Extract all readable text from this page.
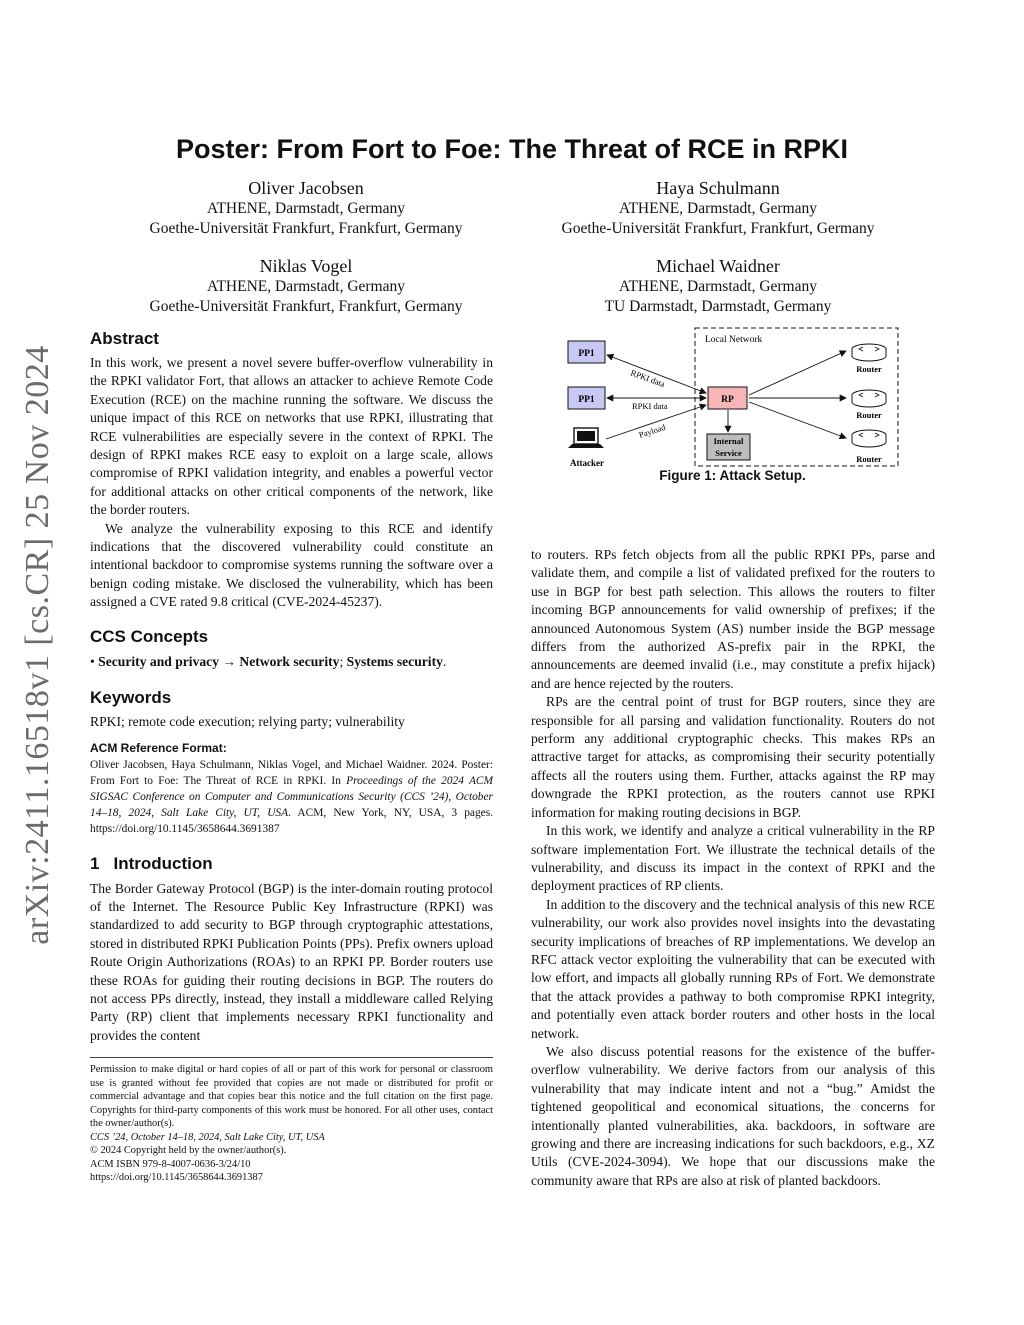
arXiv:2411.16518v1 [cs.CR] 25 Nov 2024
Poster: From Fort to Foe: The Threat of RCE in RPKI
Oliver Jacobsen
ATHENE, Darmstadt, Germany
Goethe-Universität Frankfurt, Frankfurt, Germany
Haya Schulmann
ATHENE, Darmstadt, Germany
Goethe-Universität Frankfurt, Frankfurt, Germany
Niklas Vogel
ATHENE, Darmstadt, Germany
Goethe-Universität Frankfurt, Frankfurt, Germany
Michael Waidner
ATHENE, Darmstadt, Germany
TU Darmstadt, Darmstadt, Germany
Abstract

In this work, we present a novel severe buffer-overflow vulnerability in the RPKI validator Fort, that allows an attacker to achieve Remote Code Execution (RCE) on the machine running the software. We discuss the unique impact of this RCE on networks that use RPKI, illustrating that RCE vulnerabilities are especially severe in the context of RPKI. The design of RPKI makes RCE easy to exploit on a large scale, allows compromise of RPKI validation integrity, and enables a powerful vector for additional attacks on other critical components of the network, like the border routers.

We analyze the vulnerability exposing to this RCE and identify indications that the discovered vulnerability could constitute an intentional backdoor to compromise systems running the software over a benign coding mistake. We disclosed the vulnerability, which has been assigned a CVE rated 9.8 critical (CVE-2024-45237).

CCS Concepts
• Security and privacy → Network security; Systems security.
Keywords
RPKI; remote code execution; relying party; vulnerability
ACM Reference Format:
Oliver Jacobsen, Haya Schulmann, Niklas Vogel, and Michael Waidner. 2024. Poster: From Fort to Foe: The Threat of RCE in RPKI. In Proceedings of the 2024 ACM SIGSAC Conference on Computer and Communications Security (CCS ’24), October 14–18, 2024, Salt Lake City, UT, USA. ACM, New York, NY, USA, 3 pages. https://doi.org/10.1145/3658644.3691387
1 Introduction

The Border Gateway Protocol (BGP) is the inter-domain routing protocol of the Internet. The Resource Public Key Infrastructure (RPKI) was standardized to add security to BGP through cryptographic attestations, stored in distributed RPKI Publication Points (PPs). Prefix owners upload Route Origin Authorizations (ROAs) to an RPKI PP. Border routers use these ROAs for guiding their routing decisions in BGP. The routers do not access PPs directly, instead, they install a middleware called Relying Party (RP) client that implements necessary RPKI functionality and provides the content

Permission to make digital or hard copies of all or part of this work for personal or classroom use is granted without fee provided that copies are not made or distributed for profit or commercial advantage and that copies bear this notice and the full citation on the first page. Copyrights for third-party components of this work must be honored. For all other uses, contact the owner/author(s).
CCS ’24, October 14–18, 2024, Salt Lake City, UT, USA
© 2024 Copyright held by the owner/author(s).
ACM ISBN 979-8-4007-0636-3/24/10
https://doi.org/10.1145/3658644.3691387
Local Network
PP1
PP1
Attacker
RP
Internal
Service
RPKI data
RPKI data
Payload
Router
Router
Router
Figure 1: Attack Setup.

to routers. RPs fetch objects from all the public RPKI PPs, parse and validate them, and compile a list of validated prefixed for the routers to use in BGP for best path selection. This allows the routers to filter incoming BGP announcements for valid ownership of prefixes; if the announced Autonomous System (AS) number inside the BGP message differs from the authorized AS-prefix pair in the RPKI, the announcements are deemed invalid (i.e., may constitute a prefix hijack) and are hence rejected by the routers.

RPs are the central point of trust for BGP routers, since they are responsible for all parsing and validation functionality. Routers do not perform any additional cryptographic checks. This makes RPs an attractive target for attacks, as compromising their security potentially affects all the routers using them. Further, attacks against the RP may downgrade the RPKI protection, as the routers cannot use RPKI information for making routing decisions in BGP.

In this work, we identify and analyze a critical vulnerability in the RP software implementation Fort. We illustrate the technical details of the vulnerability, and discuss its impact in the context of RPKI and the deployment practices of RP clients.

In addition to the discovery and the technical analysis of this new RCE vulnerability, our work also provides novel insights into the devastating security implications of breaches of RP implementations. We develop an RFC attack vector exploiting the vulnerability that can be executed with low effort, and impacts all globally running RPs of Fort. We demonstrate that the attack provides a pathway to both compromise RPKI integrity, and potentially even attack border routers and other hosts in the local network.

We also discuss potential reasons for the existence of the buffer-overflow vulnerability. We derive factors from our analysis of this vulnerability that may indicate intent and not a “bug.” Amidst the tightened geopolitical and economical situations, the concerns for intentionally planted vulnerabilities, aka. backdoors, in software are growing and there are increasing indications for such backdoors, e.g., XZ Utils (CVE-2024-3094). We hope that our discussions make the community aware that RPs are also at risk of planted backdoors.
